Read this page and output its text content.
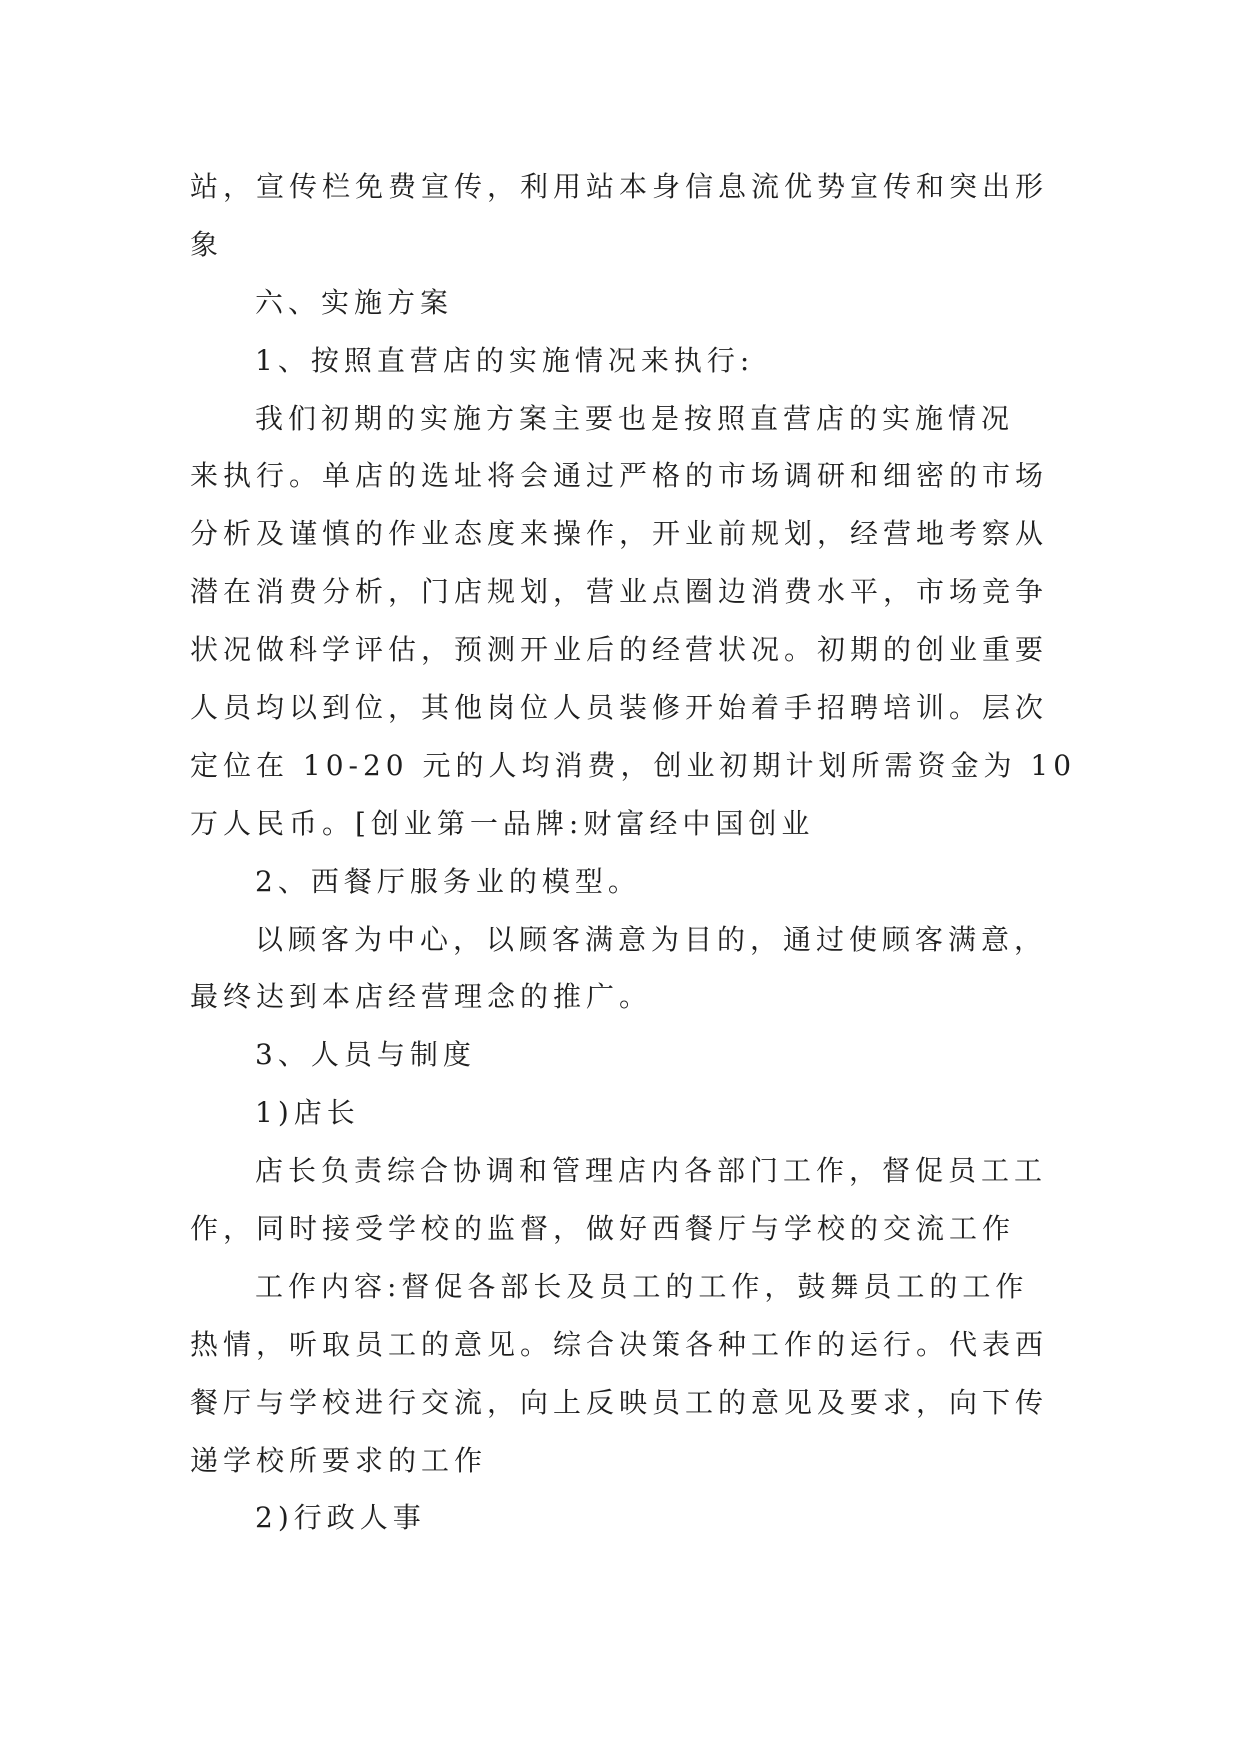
站，宣传栏免费宣传，利用站本身信息流优势宣传和突出形
象
六、实施方案
1、按照直营店的实施情况来执行:
我们初期的实施方案主要也是按照直营店的实施情况
来执行。单店的选址将会通过严格的市场调研和细密的市场
分析及谨慎的作业态度来操作，开业前规划，经营地考察从
潜在消费分析，门店规划，营业点圈边消费水平，市场竞争
状况做科学评估，预测开业后的经营状况。初期的创业重要
人员均以到位，其他岗位人员装修开始着手招聘培训。层次
定位在 10-20 元的人均消费，创业初期计划所需资金为 10
万人民币。[创业第一品牌:财富经中国创业
2、西餐厅服务业的模型。
以顾客为中心，以顾客满意为目的，通过使顾客满意，
最终达到本店经营理念的推广。
3、人员与制度
1)店长
店长负责综合协调和管理店内各部门工作，督促员工工
作，同时接受学校的监督，做好西餐厅与学校的交流工作
工作内容:督促各部长及员工的工作，鼓舞员工的工作
热情，听取员工的意见。综合决策各种工作的运行。代表西
餐厅与学校进行交流，向上反映员工的意见及要求，向下传
递学校所要求的工作
2)行政人事
